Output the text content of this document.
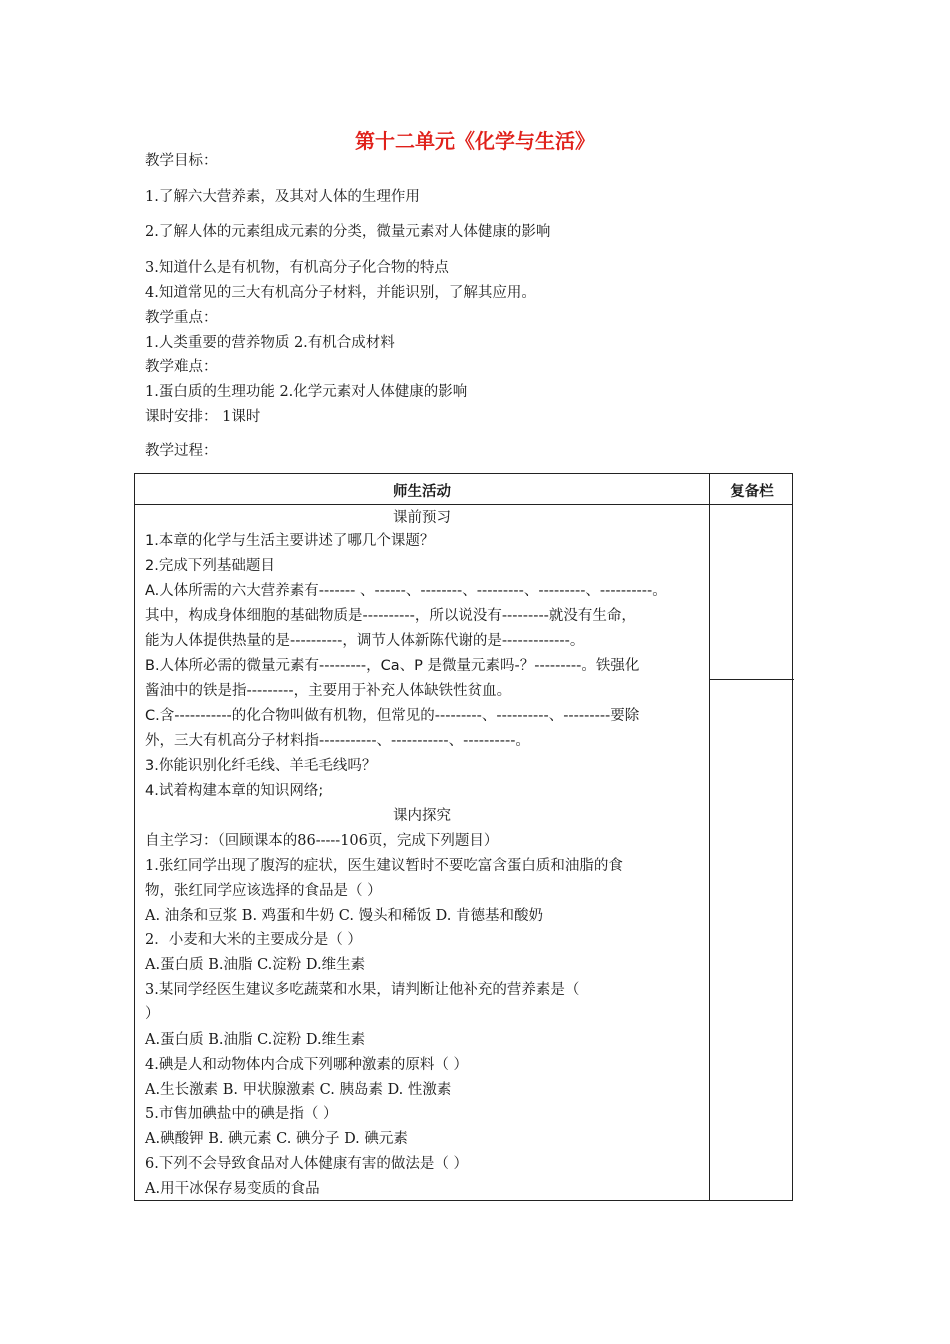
第十二单元《化学与生活》
教学目标：
1.了解六大营养素，及其对人体的生理作用
2.了解人体的元素组成元素的分类，微量元素对人体健康的影响
3.知道什么是有机物，有机高分子化合物的特点
4.知道常见的三大有机高分子材料，并能识别，了解其应用。
教学重点：
1.人类重要的营养物质 2.有机合成材料
教学难点：
1.蛋白质的生理功能 2.化学元素对人体健康的影响
课时安排： 1课时
教学过程：
师生活动	复备栏
课前预习
1.本章的化学与生活主要讲述了哪几个课题？
2.完成下列基础题目
A.人体所需的六大营养素有------- 、------、--------、---------、---------、----------。
其中，构成身体细胞的基础物质是----------，所以说没有---------就没有生命，
能为人体提供热量的是----------，调节人体新陈代谢的是-------------。
B.人体所必需的微量元素有---------，Ca、P 是微量元素吗-？---------。铁强化
酱油中的铁是指---------，主要用于补充人体缺铁性贫血。
C.含-----------的化合物叫做有机物，但常见的---------、----------、---------要除
外，三大有机高分子材料指-----------、-----------、----------。
3.你能识别化纤毛线、羊毛毛线吗？
4.试着构建本章的知识网络;
课内探究
自主学习：（回顾课本的86-----106页，完成下列题目）
1.张红同学出现了腹泻的症状，医生建议暂时不要吃富含蛋白质和油脂的食
物，张红同学应该选择的食品是（ ）
A. 油条和豆浆 B. 鸡蛋和牛奶 C. 馒头和稀饭 D. 肯德基和酸奶
2．小麦和大米的主要成分是（ ）
A.蛋白质 B.油脂 C.淀粉 D.维生素
3.某同学经医生建议多吃蔬菜和水果，请判断让他补充的营养素是（
）
A.蛋白质 B.油脂 C.淀粉 D.维生素
4.碘是人和动物体内合成下列哪种激素的原料（ ）
A.生长激素 B. 甲状腺激素 C. 胰岛素 D. 性激素
5.市售加碘盐中的碘是指（ ）
A.碘酸钾 B. 碘元素 C. 碘分子 D. 碘元素
6.下列不会导致食品对人体健康有害的做法是（ ）
A.用干冰保存易变质的食品
